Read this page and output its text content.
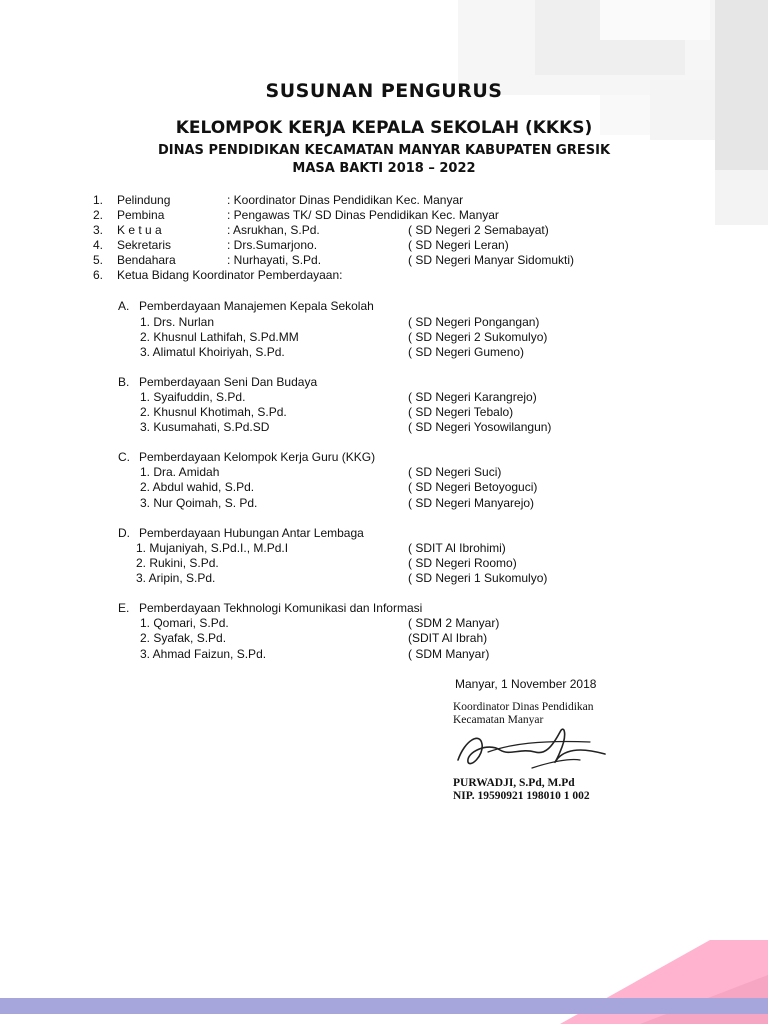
SUSUNAN PENGURUS
KELOMPOK KERJA KEPALA SEKOLAH (KKKS)
DINAS PENDIDIKAN KECAMATAN MANYAR KABUPATEN GRESIK
MASA BAKTI 2018 – 2022
1. Pelindung	: Koordinator Dinas Pendidikan Kec. Manyar
2. Pembina	: Pengawas TK/ SD Dinas Pendidikan Kec. Manyar
3. K e t u a	: Asrukhan, S.Pd.	( SD Negeri 2 Semabayat)
4. Sekretaris	: Drs.Sumarjono.	( SD Negeri Leran)
5. Bendahara	: Nurhayati, S.Pd.	( SD Negeri Manyar Sidomukti)
6. Ketua Bidang Koordinator Pemberdayaan:
A. Pemberdayaan Manajemen Kepala Sekolah
1. Drs. Nurlan	( SD Negeri Pongangan)
2. Khusnul Lathifah, S.Pd.MM	( SD Negeri 2 Sukomulyo)
3. Alimatul Khoiriyah, S.Pd.	( SD Negeri Gumeno)
B. Pemberdayaan Seni Dan Budaya
1. Syaifuddin, S.Pd.	( SD Negeri Karangrejo)
2. Khusnul Khotimah, S.Pd.	( SD Negeri Tebalo)
3. Kusumahati, S.Pd.SD	( SD Negeri Yosowilangun)
C. Pemberdayaan Kelompok Kerja Guru (KKG)
1. Dra. Amidah	( SD Negeri Suci)
2. Abdul wahid, S.Pd.	( SD Negeri Betoyoguci)
3. Nur Qoimah, S. Pd.	( SD Negeri Manyarejo)
D. Pemberdayaan Hubungan Antar Lembaga
1. Mujaniyah, S.Pd.I., M.Pd.I	( SDIT Al Ibrohimi)
2. Rukini, S.Pd.	( SD Negeri Roomo)
3. Aripin, S.Pd.	( SD Negeri 1 Sukomulyo)
E. Pemberdayaan Tekhnologi Komunikasi dan Informasi
1. Qomari, S.Pd.	( SDM 2 Manyar)
2. Syafak, S.Pd.	(SDIT Al Ibrah)
3. Ahmad Faizun, S.Pd.	( SDM Manyar)
Manyar, 1 November 2018
Koordinator Dinas Pendidikan
Kecamatan Manyar
PURWADJI, S.Pd, M.Pd
NIP. 19590921 198010 1 002
